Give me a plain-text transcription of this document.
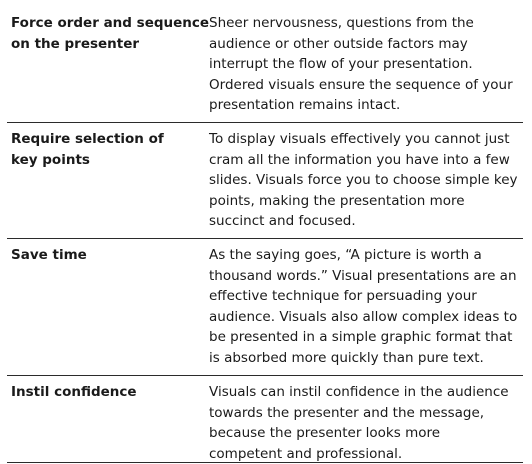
Force order and sequence
on the presenter

Sheer nervousness, questions from the
audience or other outside factors may
interrupt the flow of your presentation.
Ordered visuals ensure the sequence of your
presentation remains intact.

Require selection of
key points

To display visuals effectively you cannot just
cram all the information you have into a few
slides. Visuals force you to choose simple key
points, making the presentation more
succinct and focused.

Save time	As the saying goes, “A picture is worth a
thousand words.” Visual presentations are an
effective technique for persuading your
audience. Visuals also allow complex ideas to
be presented in a simple graphic format that
is absorbed more quickly than pure text.

Instil confidence	Visuals can instil confidence in the audience
towards the presenter and the message,
because the presenter looks more
competent and professional.
